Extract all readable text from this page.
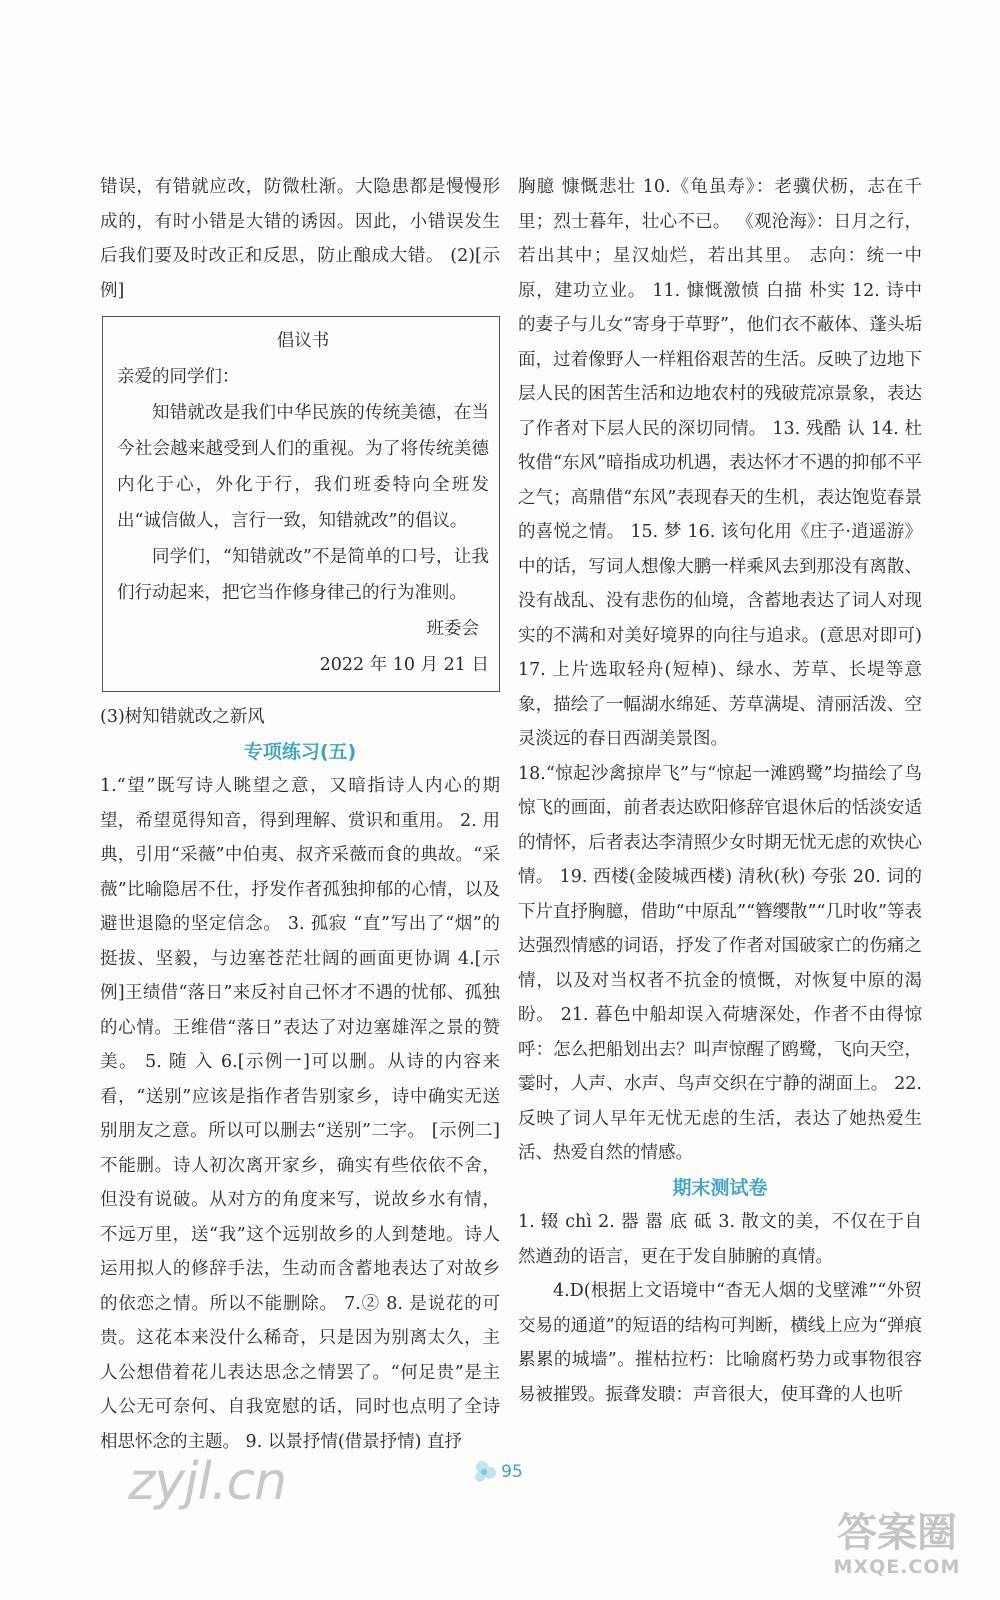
错误，有错就应改，防微杜渐。大隐患都是慢慢形成的，有时小错是大错的诱因。因此，小错误发生后我们要及时改正和反思，防止酿成大错。 (2)[示例]

倡议书

亲爱的同学们：

知错就改是我们中华民族的传统美德，在当今社会越来越受到人们的重视。为了将传统美德内化于心，外化于行，我们班委特向全班发出“诚信做人，言行一致，知错就改”的倡议。

同学们，“知错就改”不是简单的口号，让我们行动起来，把它当作修身律己的行为准则。

班委会

2022 年 10 月 21 日

(3)树知错就改之新风

专项练习(五)

1.“望”既写诗人眺望之意，又暗指诗人内心的期望，希望觅得知音，得到理解、赏识和重用。 2. 用典，引用“采薇”中伯夷、叔齐采薇而食的典故。“采薇”比喻隐居不仕，抒发作者孤独抑郁的心情，以及避世退隐的坚定信念。 3. 孤寂 “直”写出了“烟”的挺拔、坚毅，与边塞苍茫壮阔的画面更协调 4.[示例]王绩借“落日”来反衬自己怀才不遇的忧郁、孤独的心情。王维借“落日”表达了对边塞雄浑之景的赞美。 5. 随 入 6.[示例一]可以删。从诗的内容来看，“送别”应该是指作者告别家乡，诗中确实无送别朋友之意。所以可以删去“送别”二字。 [示例二]不能删。诗人初次离开家乡，确实有些依依不舍，但没有说破。从对方的角度来写，说故乡水有情，不远万里，送“我”这个远别故乡的人到楚地。诗人运用拟人的修辞手法，生动而含蓄地表达了对故乡的依恋之情。所以不能删除。 7.② 8. 是说花的可贵。这花本来没什么稀奇，只是因为别离太久，主人公想借着花儿表达思念之情罢了。“何足贵”是主人公无可奈何、自我宽慰的话，同时也点明了全诗相思怀念的主题。 9. 以景抒情(借景抒情) 直抒

胸臆 慷慨悲壮 10.《龟虽寿》：老骥伏枥，志在千里；烈士暮年，壮心不已。 《观沧海》：日月之行，若出其中；星汉灿烂，若出其里。 志向：统一中原，建功立业。 11. 慷慨激愤 白描 朴实 12. 诗中的妻子与儿女“寄身于草野”，他们衣不蔽体、蓬头垢面，过着像野人一样粗俗艰苦的生活。反映了边地下层人民的困苦生活和边地农村的残破荒凉景象，表达了作者对下层人民的深切同情。 13. 残酷 认 14. 杜牧借“东风”暗指成功机遇，表达怀才不遇的抑郁不平之气；高鼎借“东风”表现春天的生机，表达饱览春景的喜悦之情。 15. 梦 16. 该句化用《庄子·逍遥游》中的话，写词人想像大鹏一样乘风去到那没有离散、没有战乱、没有悲伤的仙境，含蓄地表达了词人对现实的不满和对美好境界的向往与追求。(意思对即可) 17. 上片选取轻舟(短棹)、绿水、芳草、长堤等意象，描绘了一幅湖水绵延、芳草满堤、清丽活泼、空灵淡远的春日西湖美景图。

18.“惊起沙禽掠岸飞”与“惊起一滩鸥鹭”均描绘了鸟惊飞的画面，前者表达欧阳修辞官退休后的恬淡安适的情怀，后者表达李清照少女时期无忧无虑的欢快心情。 19. 西楼(金陵城西楼) 清秋(秋) 夸张 20. 词的下片直抒胸臆，借助“中原乱”“簪缨散”“几时收”等表达强烈情感的词语，抒发了作者对国破家亡的伤痛之情，以及对当权者不抗金的愤慨，对恢复中原的渴盼。 21. 暮色中船却误入荷塘深处，作者不由得惊呼：怎么把船划出去？叫声惊醒了鸥鹭，飞向天空，霎时，人声、水声、鸟声交织在宁静的湖面上。 22. 反映了词人早年无忧无虑的生活，表达了她热爱生活、热爱自然的情感。

期末测试卷

1. 辍 chì 2. 器 嚣 底 砥 3. 散文的美，不仅在于自然遒劲的语言，更在于发自肺腑的真情。

4.D(根据上文语境中“杳无人烟的戈壁滩”“外贸交易的通道”的短语的结构可判断，横线上应为“弹痕累累的城墙”。摧枯拉朽：比喻腐朽势力或事物很容易被摧毁。振聋发聩：声音很大，使耳聋的人也听

95
zyjl.cn
答案圈
MXQE.COM
